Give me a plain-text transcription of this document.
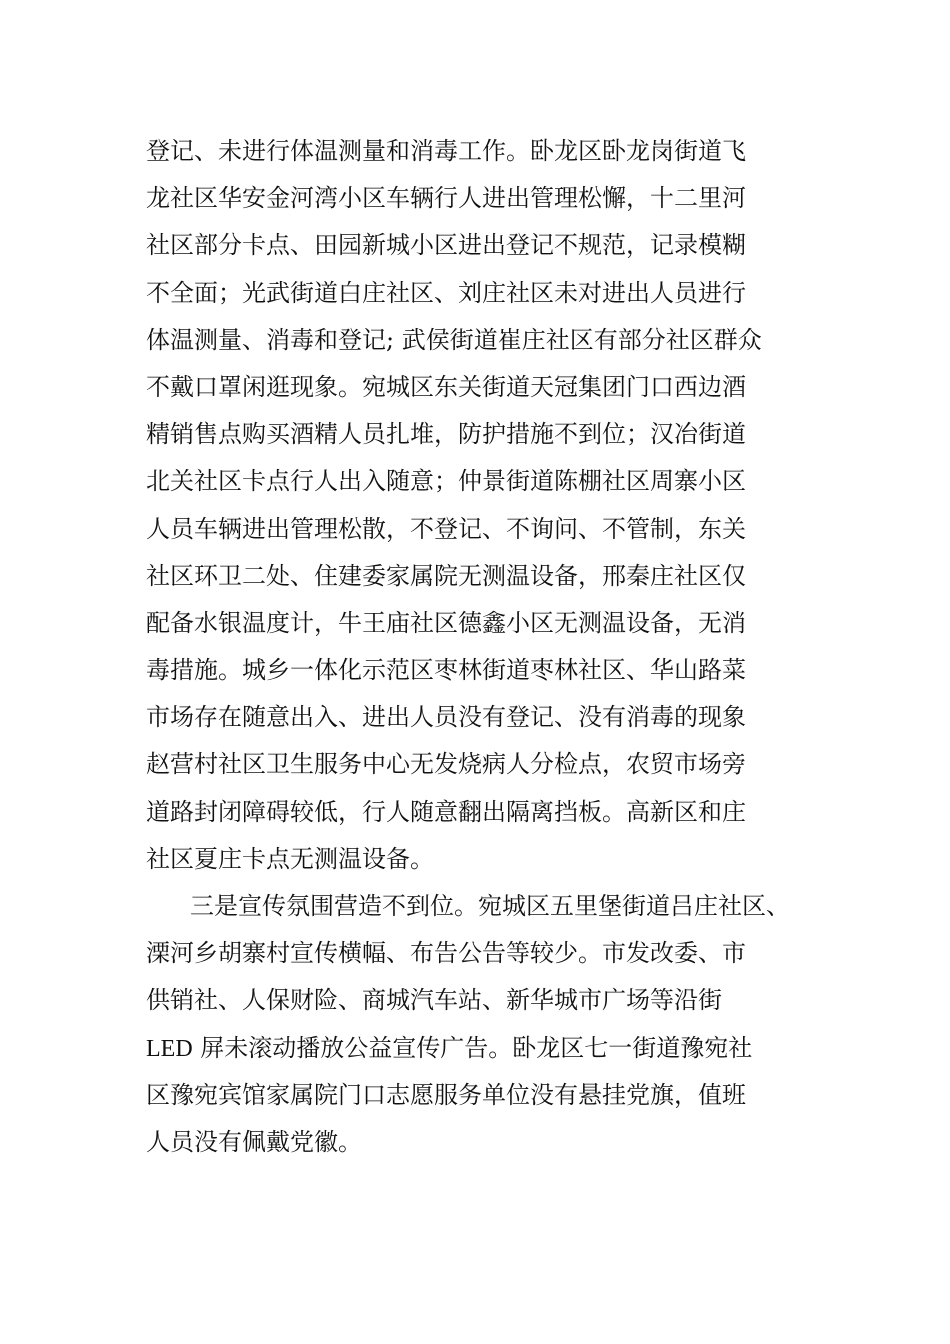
登记、未进行体温测量和消毒工作。卧龙区卧龙岗街道飞
龙社区华安金河湾小区车辆行人进出管理松懈，十二里河
社区部分卡点、田园新城小区进出登记不规范，记录模糊
不全面；光武街道白庄社区、刘庄社区未对进出人员进行
体温测量、消毒和登记; 武侯街道崔庄社区有部分社区群众
不戴口罩闲逛现象。宛城区东关街道天冠集团门口西边酒
精销售点购买酒精人员扎堆，防护措施不到位；汉冶街道
北关社区卡点行人出入随意；仲景街道陈棚社区周寨小区
人员车辆进出管理松散，不登记、不询问、不管制，东关
社区环卫二处、住建委家属院无测温设备，邢秦庄社区仅
配备水银温度计，牛王庙社区德鑫小区无测温设备，无消
毒措施。城乡一体化示范区枣林街道枣林社区、华山路菜
市场存在随意出入、进出人员没有登记、没有消毒的现象
赵营村社区卫生服务中心无发烧病人分检点，农贸市场旁
道路封闭障碍较低，行人随意翻出隔离挡板。高新区和庄
社区夏庄卡点无测温设备。
三是宣传氛围营造不到位。宛城区五里堡街道吕庄社区、
溧河乡胡寨村宣传横幅、布告公告等较少。市发改委、市
供销社、人保财险、商城汽车站、新华城市广场等沿街
LED 屏未滚动播放公益宣传广告。卧龙区七一街道豫宛社
区豫宛宾馆家属院门口志愿服务单位没有悬挂党旗，值班
人员没有佩戴党徽。
